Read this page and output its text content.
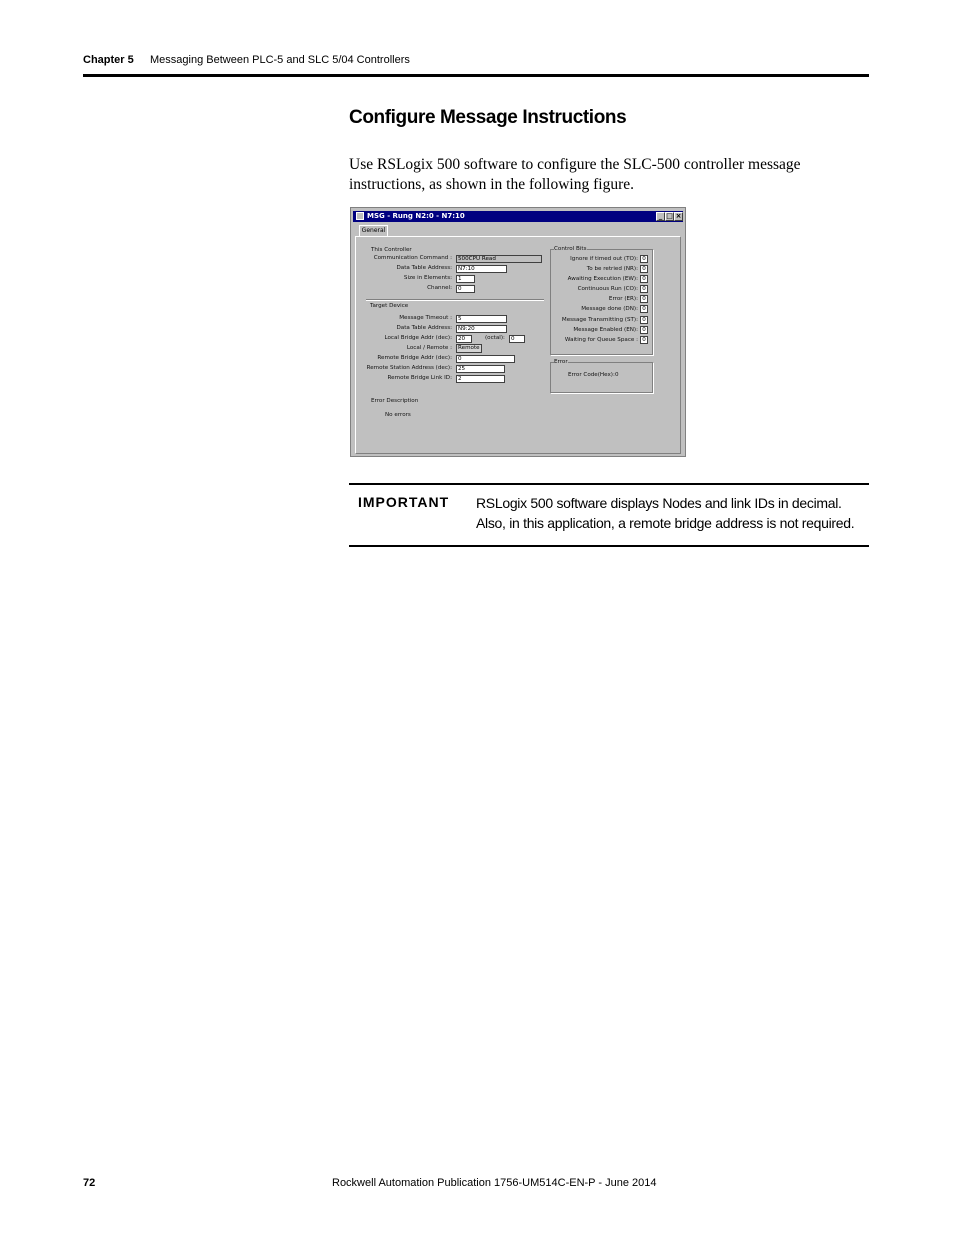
Chapter 5 Messaging Between PLC-5 and SLC 5/04 Controllers
Configure Message Instructions
Use RSLogix 500 software to configure the SLC-500 controller message instructions, as shown in the following figure.
MSG - Rung N2:0 - N7:10	_ □ ×
General
This Controller
Communication Command :	500CPU Read
Data Table Address:	N7:10
Size in Elements:	1
Channel:	0
Target Device
Message Timeout :	5
Data Table Address:	N9:20
Local Bridge Addr (dec):	20	(octal):	0
Local / Remote :	Remote
Remote Bridge Addr (dec):	0
Remote Station Address (dec):	25
Remote Bridge Link ID:	2
Error Description
No errors
Control Bits
Ignore if timed out (TO): 0
To be retried (NR): 0
Awaiting Execution (EW): 0
Continuous Run (CO): 0
Error (ER): 0
Message done (DN): 0
Message Transmitting (ST): 0
Message Enabled (EN): 0
Waiting for Queue Space : 0
Error
Error Code(Hex): 0
IMPORTANT RSLogix 500 software displays Nodes and link IDs in decimal. Also, in this application, a remote bridge address is not required.
72	Rockwell Automation Publication 1756-UM514C-EN-P - June 2014
